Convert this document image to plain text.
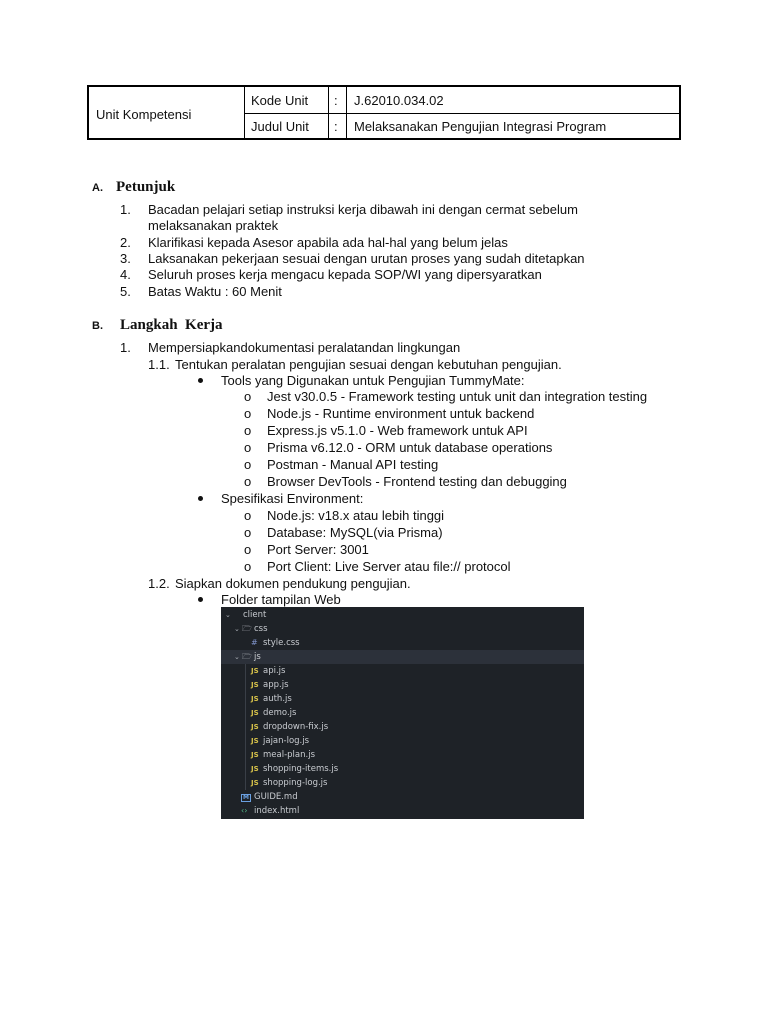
Unit Kompetensi
Kode Unit : J.62010.034.02
Judul Unit : Melaksanakan Pengujian Integrasi Program
A. Petunjuk
1. Bacadan pelajari setiap instruksi kerja dibawah ini dengan cermat sebelum
melaksanakan praktek
2. Klarifikasi kepada Asesor apabila ada hal-hal yang belum jelas
3. Laksanakan pekerjaan sesuai dengan urutan proses yang sudah ditetapkan
4. Seluruh proses kerja mengacu kepada SOP/WI yang dipersyaratkan
5. Batas Waktu : 60 Menit
B. Langkah  Kerja
1. Mempersiapkandokumentasi peralatandan lingkungan
1.1. Tentukan peralatan pengujian sesuai dengan kebutuhan pengujian.
Tools yang Digunakan untuk Pengujian TummyMate:
o Jest v30.0.5 - Framework testing untuk unit dan integration testing
o Node.js - Runtime environment untuk backend
o Express.js v5.1.0 - Web framework untuk API
o Prisma v6.12.0 - ORM untuk database operations
o Postman - Manual API testing
o Browser DevTools - Frontend testing dan debugging
Spesifikasi Environment:
o Node.js: v18.x atau lebih tinggi
o Database: MySQL(via Prisma)
o Port Server: 3001
o Port Client: Live Server atau file:// protocol
1.2. Siapkan dokumen pendukung pengujian.
Folder tampilan Web
⌄ client
⌄ 🗁 css
# style.css
⌄ 🗁 js
JS api.js
JS app.js
JS auth.js
JS demo.js
JS dropdown-fix.js
JS jajan-log.js
JS meal-plan.js
JS shopping-items.js
JS shopping-log.js
M GUIDE.md
‹› index.html
